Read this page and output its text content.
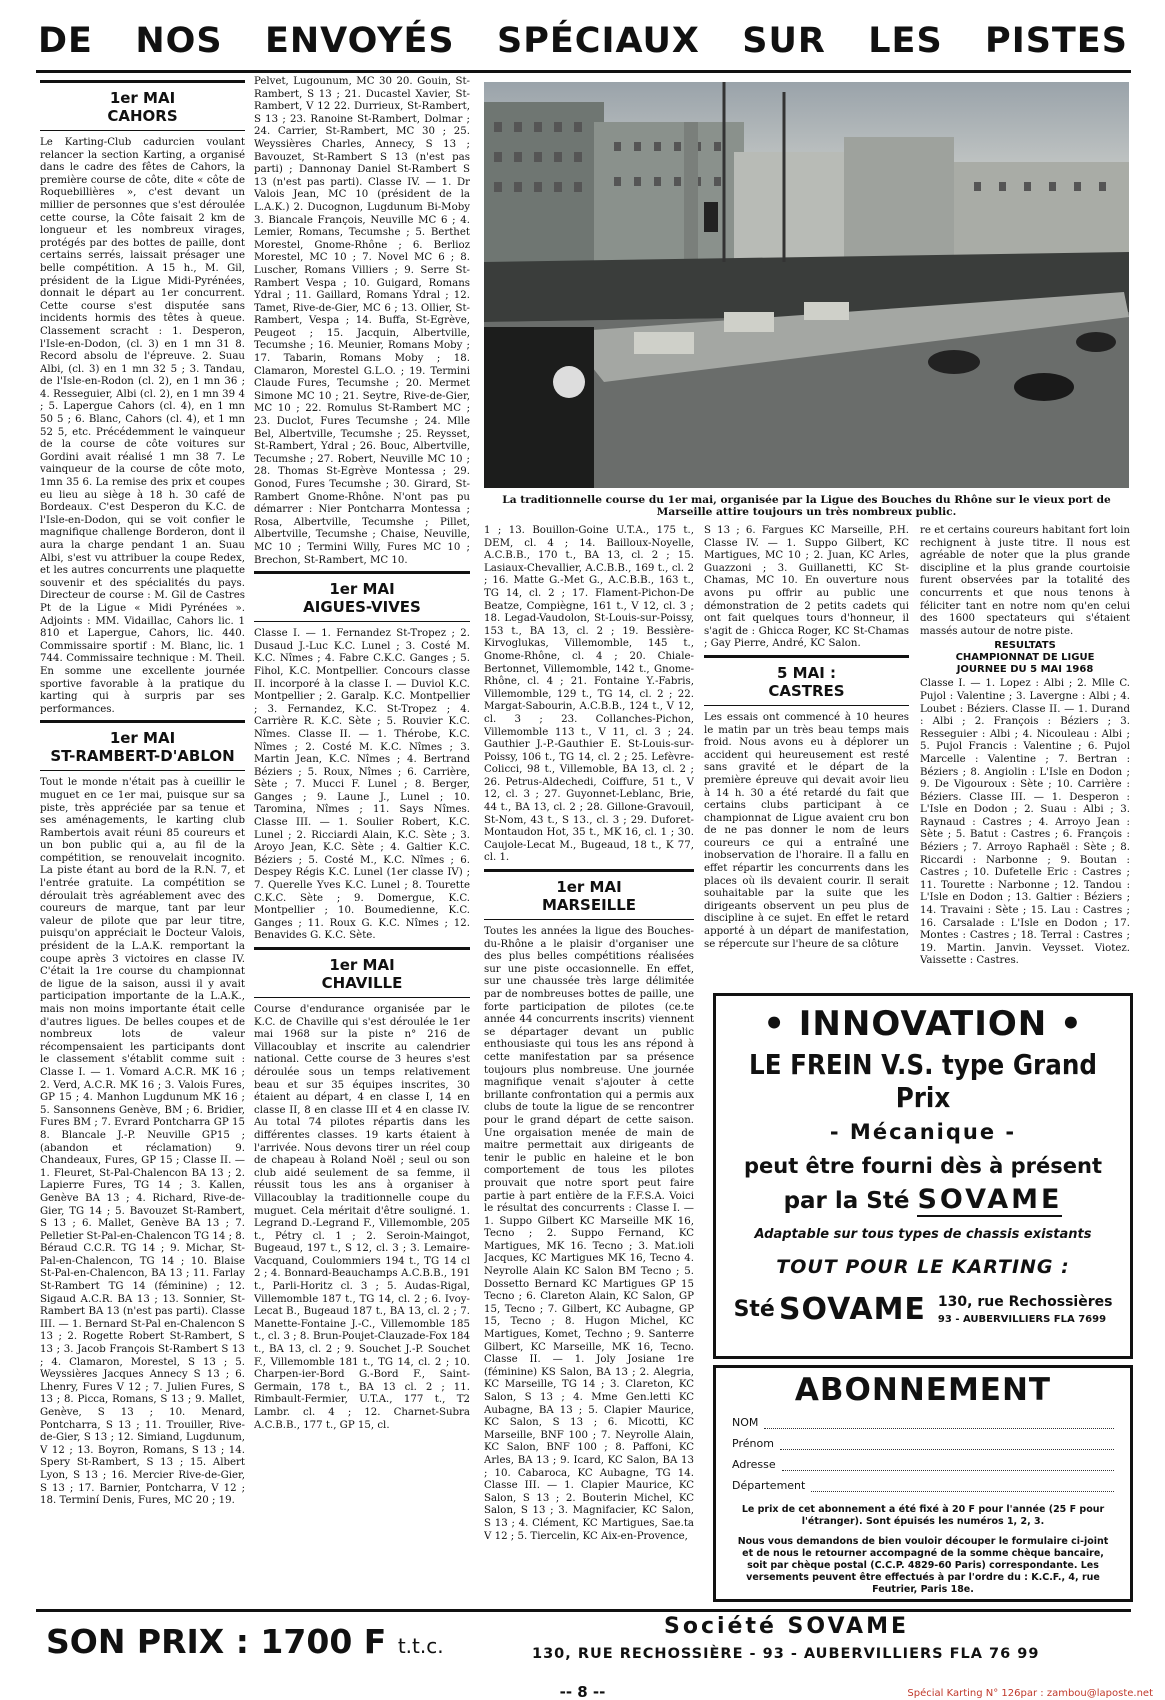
DE NOS ENVOYÉS SPÉCIAUX SUR LES PISTES
1er MAI
CAHORS
Le Karting-Club cadurcien voulant relancer la section Karting, a organisé dans le cadre des fêtes de Cahors, la première course de côte, dite « côte de Roquebillières », c'est devant un millier de personnes que s'est déroulée cette course, la Côte faisait 2 km de longueur et les nombreux virages, protégés par des bottes de paille, dont certains serrés, laissait présager une belle compétition. A 15 h., M. Gil, président de la Ligue Midi-Pyrénées, donnait le départ au 1er concurrent. Cette course s'est disputée sans incidents hormis des têtes à queue. Classement scracht : 1. Desperon, l'Isle-en-Dodon, (cl. 3) en 1 mn 31 8. Record absolu de l'épreuve. 2. Suau Albi, (cl. 3) en 1 mn 32 5 ; 3. Tandau, de l'Isle-en-Rodon (cl. 2), en 1 mn 36 ; 4. Resseguier, Albi (cl. 2), en 1 mn 39 4 ; 5. Lapergue Cahors (cl. 4), en 1 mn 50 5 ; 6. Blanc, Cahors (cl. 4), et 1 mn 52 5, etc. Précédemment le vainqueur de la course de côte voitures sur Gordini avait réalisé 1 mn 38 7. Le vainqueur de la course de côte moto, 1mn 35 6. La remise des prix et coupes eu lieu au siège à 18 h. 30 café de Bordeaux. C'est Desperon du K.C. de l'Isle-en-Dodon, qui se voit confier le magnifique challenge Borderon, dont il aura la charge pendant 1 an. Suau Albi, s'est vu attribuer la coupe Redex, et les autres concurrents une plaquette souvenir et des spécialités du pays. Directeur de course : M. Gil de Castres Pt de la Ligue « Midi Pyrénées ». Adjoints : MM. Vidaillac, Cahors lic. 1 810 et Lapergue, Cahors, lic. 440. Commissaire sportif : M. Blanc, lic. 1 744. Commissaire technique : M. Theil. En somme une excellente journée sportive favorable à la pratique du karting qui à surpris par ses performances.
1er MAI
ST-RAMBERT-D'ABLON
Tout le monde n'était pas à cueillir le muguet en ce 1er mai, puisque sur sa piste, très appréciée par sa tenue et ses aménagements, le karting club Rambertois avait réuni 85 coureurs et un bon public qui a, au fil de la compétition, se renouvelait incognito. La piste étant au bord de la R.N. 7, et l'entrée gratuite. La compétition se déroulait très agréablement avec des coureurs de marque, tant par leur valeur de pilote que par leur titre, puisqu'on appréciait le Docteur Valois, président de la L.A.K. remportant la coupe après 3 victoires en classe IV. C'était la 1re course du championnat de ligue de la saison, aussi il y avait participation importante de la L.A.K., mais non moins importante était celle d'autres ligues. De belles coupes et de nombreux lots de valeur récompensaient les participants dont le classement s'établit comme suit : Classe I. — 1. Vomard A.C.R. MK 16 ; 2. Verd, A.C.R. MK 16 ; 3. Valois Fures, GP 15 ; 4. Manhon Lugdunum MK 16 ; 5. Sansonnens Genève, BM ; 6. Bridier, Fures BM ; 7. Evrard Pontcharra GP 15 8. Blancale J.-P. Neuville GP15 ; (abandon et réclamation) 9. Chandeaux, Fures, GP 15 ; Classe II. — 1. Fleuret, St-Pal-Chalencon BA 13 ; 2. Lapierre Fures, TG 14 ; 3. Kallen, Genève BA 13 ; 4. Richard, Rive-de-Gier, TG 14 ; 5. Bavouzet St-Rambert, S 13 ; 6. Mallet, Genève BA 13 ; 7. Pelletier St-Pal-en-Chalencon TG 14 ; 8. Béraud C.C.R. TG 14 ; 9. Michar, St-Pal-en-Chalencon, TG 14 ; 10. Blaise St-Pal-en-Chalencon, BA 13 ; 11. Farlay St-Rambert TG 14 (féminine) ; 12. Sigaud A.C.R. BA 13 ; 13. Sonnier, St-Rambert BA 13 (n'est pas parti). Classe III. — 1. Bernard St-Pal en-Chalencon S 13 ; 2. Rogette Robert St-Rambert, S 13 ; 3. Jacob François St-Rambert S 13 ; 4. Clamaron, Morestel, S 13 ; 5. Weyssières Jacques Annecy S 13 ; 6. Lhenry, Fures V 12 ; 7. Julien Fures, S 13 ; 8. Picca, Romans, S 13 ; 9. Mallet, Genève, S 13 ; 10. Menard, Pontcharra, S 13 ; 11. Trouiller, Rive-de-Gier, S 13 ; 12. Simiand, Lugdunum, V 12 ; 13. Boyron, Romans, S 13 ; 14. Spery St-Rambert, S 13 ; 15. Albert Lyon, S 13 ; 16. Mercier Rive-de-Gier, S 13 ; 17. Barnier, Pontcharra, V 12 ; 18. Terminí Denis, Fures, MC 20 ; 19.
Pelvet, Lugounum, MC 30 20. Gouin, St-Rambert, S 13 ; 21. Ducastel Xavier, St-Rambert, V 12 22. Durrieux, St-Rambert, S 13 ; 23. Ranoine St-Rambert, Dolmar ; 24. Carrier, St-Rambert, MC 30 ; 25. Weyssières Charles, Annecy, S 13 ; Bavouzet, St-Rambert S 13 (n'est pas parti) ; Dannonay Daniel St-Rambert S 13 (n'est pas parti). Classe IV. — 1. Dr Valois Jean, MC 10 (président de la L.A.K.) 2. Ducognon, Lugdunum Bi-Moby 3. Biancale François, Neuville MC 6 ; 4. Lemier, Romans, Tecumshe ; 5. Berthet Morestel, Gnome-Rhône ; 6. Berlioz Morestel, MC 10 ; 7. Novel MC 6 ; 8. Luscher, Romans Villiers ; 9. Serre St-Rambert Vespa ; 10. Guigard, Romans Ydral ; 11. Gaillard, Romans Ydral ; 12. Tamet, Rive-de-Gier, MC 6 ; 13. Ollier, St-Rambert, Vespa ; 14. Buffa, St-Egrève, Peugeot ; 15. Jacquin, Albertville, Tecumshe ; 16. Meunier, Romans Moby ; 17. Tabarin, Romans Moby ; 18. Clamaron, Morestel G.L.O. ; 19. Termini Claude Fures, Tecumshe ; 20. Mermet Simone MC 10 ; 21. Seytre, Rive-de-Gier, MC 10 ; 22. Romulus St-Rambert MC ; 23. Duclot, Fures Tecumshe ; 24. Mlle Bel, Albertville, Tecumshe ; 25. Reysset, St-Rambert, Ydral ; 26. Bouc, Albertville, Tecumshe ; 27. Robert, Neuville MC 10 ; 28. Thomas St-Egrève Montessa ; 29. Gonod, Fures Tecumshe ; 30. Girard, St-Rambert Gnome-Rhône. N'ont pas pu démarrer : Nier Pontcharra Montessa ; Rosa, Albertville, Tecumshe ; Pillet, Albertville, Tecumshe ; Chaise, Neuville, MC 10 ; Termini Willy, Fures MC 10 ; Brechon, St-Rambert, MC 10.
1er MAI
AIGUES-VIVES
Classe I. — 1. Fernandez St-Tropez ; 2. Dusaud J.-Luc K.C. Lunel ; 3. Costé M. K.C. Nîmes ; 4. Fabre C.K.C. Ganges ; 5. Fihol, K.C. Montpellier. Concours classe II. incorporé à la classe I. — Duviol K.C. Montpellier ; 2. Garalp. K.C. Montpellier ; 3. Fernandez, K.C. St-Tropez ; 4. Carrière R. K.C. Sète ; 5. Rouvier K.C. Nîmes. Classe II. — 1. Thérobe, K.C. Nîmes ; 2. Costé M. K.C. Nîmes ; 3. Martin Jean, K.C. Nîmes ; 4. Bertrand Béziers ; 5. Roux, Nîmes ; 6. Carrière, Sète ; 7. Mucci F. Lunel ; 8. Berger, Ganges ; 9. Laune J., Lunel ; 10. Taromina, Nîmes ; 11. Says Nîmes. Classe III. — 1. Soulier Robert, K.C. Lunel ; 2. Ricciardi Alain, K.C. Sète ; 3. Aroyo Jean, K.C. Sète ; 4. Galtier K.C. Béziers ; 5. Costé M., K.C. Nîmes ; 6. Despey Régis K.C. Lunel (1er classe IV) ; 7. Querelle Yves K.C. Lunel ; 8. Tourette C.K.C. Sète ; 9. Domergue, K.C. Montpellier ; 10. Boumedienne, K.C. Ganges ; 11. Roux G. K.C. Nîmes ; 12. Benavides G. K.C. Sète.
1er MAI
CHAVILLE
Course d'endurance organisée par le K.C. de Chaville qui s'est déroulée le 1er mai 1968 sur la piste n° 216 de Villacoublay et inscrite au calendrier national. Cette course de 3 heures s'est déroulée sous un temps relativement beau et sur 35 équipes inscrites, 30 étaient au départ, 4 en classe I, 14 en classe II, 8 en classe III et 4 en classe IV. Au total 74 pilotes répartis dans les différentes classes. 19 karts étaient à l'arrivée. Nous devons tirer un réel coup de chapeau à Roland Noël ; seul ou son club aidé seulement de sa femme, il réussit tous les ans à organiser à Villacoublay la traditionnelle coupe du muguet. Cela méritait d'être souligné. 1. Legrand D.-Legrand F., Villemomble, 205 t., Pétry cl. 1 ; 2. Seroin-Maingot, Bugeaud, 197 t., S 12, cl. 3 ; 3. Lemaire-Vacquand, Coulommiers 194 t., TG 14 cl 2 ; 4. Bonnard-Beauchamps A.C.B.B., 191 t., Parli-Horitz cl. 3 ; 5. Audas-Rigal, Villemomble 187 t., TG 14, cl. 2 ; 6. Ivoy-Lecat B., Bugeaud 187 t., BA 13, cl. 2 ; 7. Manette-Fontaine J.-C., Villemomble 185 t., cl. 3 ; 8. Brun-Poujet-Clauzade-Fox 184 t., BA 13, cl. 2 ; 9. Souchet J.-P. Souchet F., Villemomble 181 t., TG 14, cl. 2 ; 10. Charpen-ier-Bord G.-Bord F., Saint-Germain, 178 t., BA 13 cl. 2 ; 11. Rimbault-Fermier, U.T.A., 177 t., T2 Lambr. cl. 4 ; 12. Charnet-Subra A.C.B.B., 177 t., GP 15, cl.
La traditionnelle course du 1er mai, organisée par la Ligue des Bouches du Rhône sur le vieux port de Marseille attire toujours un très nombreux public.
1 ; 13. Bouillon-Goine U.T.A., 175 t., DEM, cl. 4 ; 14. Bailloux-Noyelle, A.C.B.B., 170 t., BA 13, cl. 2 ; 15. Lasiaux-Chevallier, A.C.B.B., 169 t., cl. 2 ; 16. Matte G.-Met G., A.C.B.B., 163 t., TG 14, cl. 2 ; 17. Flament-Pichon-De Beatze, Compiègne, 161 t., V 12, cl. 3 ; 18. Legad-Vaudolon, St-Louis-sur-Poissy, 153 t., BA 13, cl. 2 ; 19. Bessière-Kirvoglukas, Villemomble, 145 t., Gnome-Rhône, cl. 4 ; 20. Chiale-Bertonnet, Villemomble, 142 t., Gnome-Rhône, cl. 4 ; 21. Fontaine Y.-Fabris, Villemomble, 129 t., TG 14, cl. 2 ; 22. Margat-Sabourin, A.C.B.B., 124 t., V 12, cl. 3 ; 23. Collanches-Pichon, Villemomble 113 t., V 11, cl. 3 ; 24. Gauthier J.-P.-Gauthier E. St-Louis-sur-Poissy, 106 t., TG 14, cl. 2 ; 25. Lefèvre-Colicci, 98 t., Villemoble, BA 13, cl. 2 ; 26. Petrus-Aldechedi, Coiffure, 51 t., V 12, cl. 3 ; 27. Guyonnet-Leblanc, Brie, 44 t., BA 13, cl. 2 ; 28. Gillone-Gravouil, St-Nom, 43 t., S 13., cl. 3 ; 29. Duforet-Montaudon Hot, 35 t., MK 16, cl. 1 ; 30. Caujole-Lecat M., Bugeaud, 18 t., K 77, cl. 1.
1er MAI
MARSEILLE
Toutes les années la ligue des Bouches-du-Rhône a le plaisir d'organiser une des plus belles compétitions réalisées sur une piste occasionnelle. En effet, sur une chaussée très large délimitée par de nombreuses bottes de paille, une forte participation de pilotes (ce.te année 44 concurrents inscrits) viennent se départager devant un public enthousiaste qui tous les ans répond à cette manifestation par sa présence toujours plus nombreuse. Une journée magnifique venait s'ajouter à cette brillante confrontation qui a permis aux clubs de toute la ligue de se rencontrer pour le grand départ de cette saison. Une orgaisation menée de main de maitre permettait aux dirigeants de tenir le public en haleine et le bon comportement de tous les pilotes prouvait que notre sport peut faire partie à part entière de la F.F.S.A. Voici le résultat des concurrents : Classe I. — 1. Suppo Gilbert KC Marseille MK 16, Tecno ; 2. Suppo Fernand, KC Martigues, MK 16. Tecno ; 3. Mat.ioli Jacques, KC Martigues MK 16, Tecno 4. Neyrolle Alain KC Salon BM Tecno ; 5. Dossetto Bernard KC Martigues GP 15 Tecno ; 6. Clareton Alain, KC Salon, GP 15, Tecno ; 7. Gilbert, KC Aubagne, GP 15, Tecno ; 8. Hugon Michel, KC Martigues, Komet, Techno ; 9. Santerre Gilbert, KC Marseille, MK 16, Tecno. Classe II. — 1. Joly Josiane 1re (féminine) KS Salon, BA 13 ; 2. Alegria, KC Marseille, TG 14 ; 3. Clareton, KC Salon, S 13 ; 4. Mme Gen.letti KC Aubagne, BA 13 ; 5. Clapier Maurice, KC Salon, S 13 ; 6. Micotti, KC Marseille, BNF 100 ; 7. Neyrolle Alain, KC Salon, BNF 100 ; 8. Paffoni, KC Arles, BA 13 ; 9. Icard, KC Salon, BA 13 ; 10. Cabaroca, KC Aubagne, TG 14. Classe III. — 1. Clapier Maurice, KC Salon, S 13 ; 2. Bouterin Michel, KC Salon, S 13 ; 3. Magnifacier, KC Salon, S 13 ; 4. Clément, KC Martigues, Sae.ta V 12 ; 5. Tiercelin, KC Aix-en-Provence,
S 13 ; 6. Fargues KC Marseille, P.H. Classe IV. — 1. Suppo Gilbert, KC Martigues, MC 10 ; 2. Juan, KC Arles, Guazzoni ; 3. Guillanetti, KC St-Chamas, MC 10. En ouverture nous avons pu offrir au public une démonstration de 2 petits cadets qui ont fait quelques tours d'honneur, il s'agit de : Ghicca Roger, KC St-Chamas ; Gay Pierre, André, KC Salon.
5 MAI :
CASTRES
Les essais ont commencé à 10 heures le matin par un très beau temps mais froid. Nous avons eu à déplorer un accident qui heureusement est resté sans gravité et le départ de la première épreuve qui devait avoir lieu à 14 h. 30 a été retardé du fait que certains clubs participant à ce championnat de Ligue avaient cru bon de ne pas donner le nom de leurs coureurs ce qui a entraîné une inobservation de l'horaire. Il a fallu en effet répartir les concurrents dans les places où ils devaient courir. Il serait souhaitable par la suite que les dirigeants observent un peu plus de discipline à ce sujet. En effet le retard apporté à un départ de manifestation, se répercute sur l'heure de sa clôture
re et certains coureurs habitant fort loin rechignent à juste titre. Il nous est agréable de noter que la plus grande discipline et la plus grande courtoisie furent observées par la totalité des concurrents et que nous tenons à féliciter tant en notre nom qu'en celui des 1600 spectateurs qui s'étaient massés autour de notre piste.
RESULTATS
CHAMPIONNAT DE LIGUE
JOURNEE DU 5 MAI 1968
Classe I. — 1. Lopez : Albi ; 2. Mlle C. Pujol : Valentine ; 3. Lavergne : Albi ; 4. Loubet : Béziers. Classe II. — 1. Durand : Albi ; 2. François : Béziers ; 3. Resseguier : Albi ; 4. Nicouleau : Albi ; 5. Pujol Francis : Valentine ; 6. Pujol Marcelle : Valentine ; 7. Bertran : Béziers ; 8. Angiolin : L'Isle en Dodon ; 9. De Vigouroux : Sète ; 10. Carrière : Béziers. Classe III. — 1. Desperon : L'Isle en Dodon ; 2. Suau : Albi ; 3. Raynaud : Castres ; 4. Arroyo Jean : Sète ; 5. Batut : Castres ; 6. François : Béziers ; 7. Arroyo Raphaël : Sète ; 8. Riccardi : Narbonne ; 9. Boutan : Castres ; 10. Dufetelle Eric : Castres ; 11. Tourette : Narbonne ; 12. Tandou : L'Isle en Dodon ; 13. Galtier : Béziers ; 14. Travaini : Sète ; 15. Lau : Castres ; 16. Carsalade : L'Isle en Dodon ; 17. Montes : Castres ; 18. Terral : Castres ; 19. Martin. Janvin. Veysset. Viotez. Vaissette : Castres.
• INNOVATION •
LE FREIN V.S. type Grand Prix
- Mécanique -
peut être fourni dès à présent
par la Sté SOVAME
Adaptable sur tous types de chassis existants
TOUT POUR LE KARTING :
Sté SOVAME 130, rue Rechossières
93 - AUBERVILLIERS FLA 7699
ABONNEMENT
NOM
Prénom
Adresse
Département
Le prix de cet abonnement a été fixé à 20 F pour l'année (25 F pour l'étranger). Sont épuisés les numéros 1, 2, 3.
Nous vous demandons de bien vouloir découper le formulaire ci-joint et de nous le retourner accompagné de la somme chèque bancaire, soit par chèque postal (C.C.P. 4829-60 Paris) correspondante. Les versements peuvent être effectués à par l'ordre du : K.C.F., 4, rue Feutrier, Paris 18e.
SON PRIX : 1700 F t.t.c.
Société SOVAME
130, RUE RECHOSSIÈRE - 93 - AUBERVILLIERS FLA 76 99
-- 8 --	Spécial Karting N° 126par : zambou@laposte.net
